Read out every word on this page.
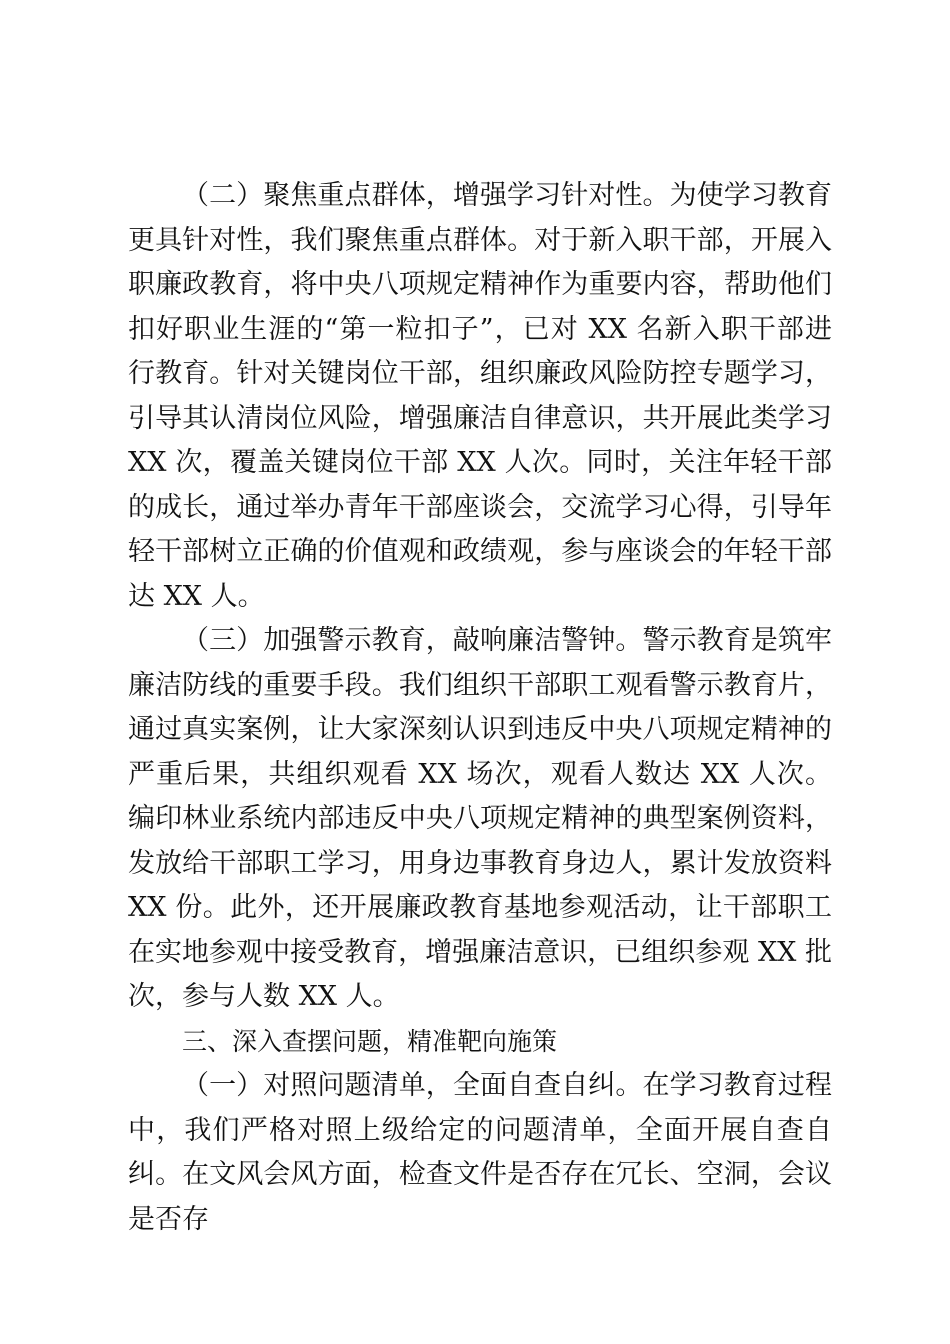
（二）聚焦重点群体，增强学习针对性。为使学习教育更具针对性，我们聚焦重点群体。对于新入职干部，开展入职廉政教育，将中央八项规定精神作为重要内容，帮助他们扣好职业生涯的“第一粒扣子”，已对 XX 名新入职干部进行教育。针对关键岗位干部，组织廉政风险防控专题学习，引导其认清岗位风险，增强廉洁自律意识，共开展此类学习 XX 次，覆盖关键岗位干部 XX 人次。同时，关注年轻干部的成长，通过举办青年干部座谈会，交流学习心得，引导年轻干部树立正确的价值观和政绩观，参与座谈会的年轻干部达 XX 人。

（三）加强警示教育，敲响廉洁警钟。警示教育是筑牢廉洁防线的重要手段。我们组织干部职工观看警示教育片，通过真实案例，让大家深刻认识到违反中央八项规定精神的严重后果，共组织观看 XX 场次，观看人数达 XX 人次。编印林业系统内部违反中央八项规定精神的典型案例资料，发放给干部职工学习，用身边事教育身边人，累计发放资料 XX 份。此外，还开展廉政教育基地参观活动，让干部职工在实地参观中接受教育，增强廉洁意识，已组织参观 XX 批次，参与人数 XX 人。

三、深入查摆问题，精准靶向施策

（一）对照问题清单，全面自查自纠。在学习教育过程中，我们严格对照上级给定的问题清单，全面开展自查自纠。在文风会风方面，检查文件是否存在冗长、空洞，会议是否存
